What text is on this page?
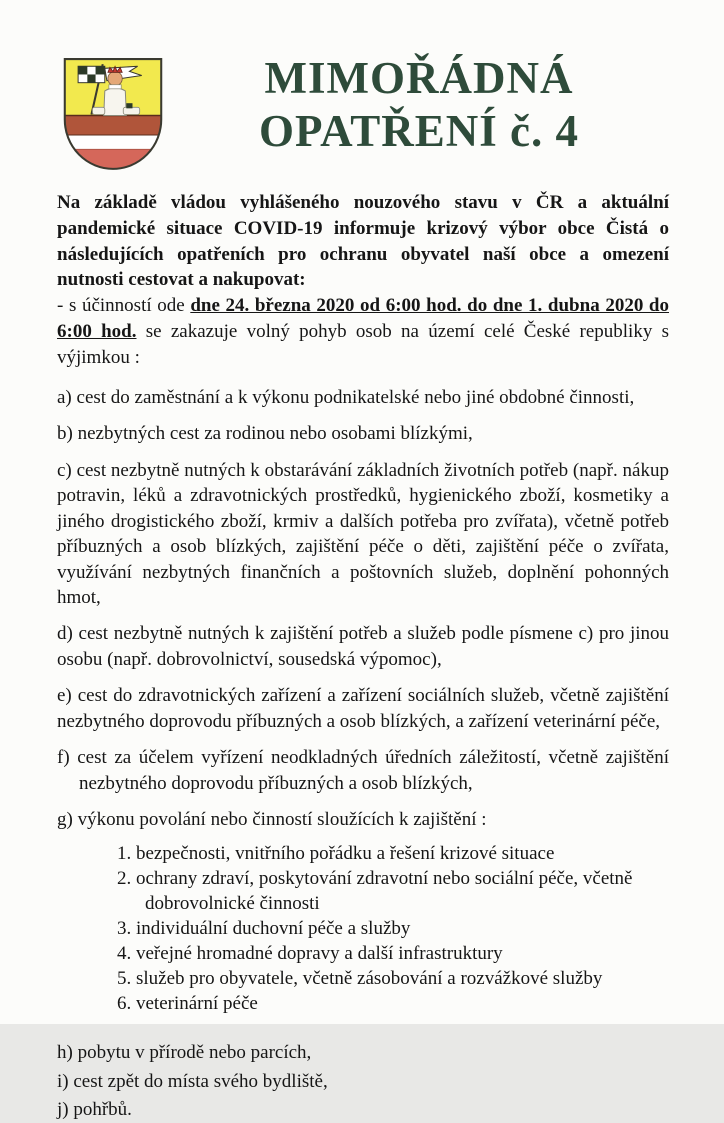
MIMOŘÁDNÁ
OPATŘENÍ č. 4

Na základě vládou vyhlášeného nouzového stavu v ČR a aktuální pandemické situace COVID-19 informuje krizový výbor obce Čistá o následujících opatřeních pro ochranu obyvatel naší obce a omezení nutnosti cestovat a nakupovat:

- s účinností ode dne 24. března 2020 od 6:00 hod. do dne 1. dubna 2020 do 6:00 hod. se zakazuje volný pohyb osob na území celé České republiky s výjimkou :

a) cest do zaměstnání a k výkonu podnikatelské nebo jiné obdobné činnosti,

b) nezbytných cest za rodinou nebo osobami blízkými,

c) cest nezbytně nutných k obstarávání základních životních potřeb (např. nákup potravin, léků a zdravotnických prostředků, hygienického zboží, kosmetiky a jiného drogistického zboží, krmiv a dalších potřeba pro zvířata), včetně potřeb příbuzných a osob blízkých, zajištění péče o děti, zajištění péče o zvířata, využívání nezbytných finančních a poštovních služeb, doplnění pohonných hmot,

d) cest nezbytně nutných k zajištění potřeb a služeb podle písmene c) pro jinou osobu (např. dobrovolnictví, sousedská výpomoc),

e) cest do zdravotnických zařízení a zařízení sociálních služeb, včetně zajištění nezbytného doprovodu příbuzných a osob blízkých, a zařízení veterinární péče,

f) cest za účelem vyřízení neodkladných úředních záležitostí, včetně zajištění nezbytného doprovodu příbuzných a osob blízkých,

g) výkonu povolání nebo činností sloužících k zajištění :

1. bezpečnosti, vnitřního pořádku a řešení krizové situace

2. ochrany zdraví, poskytování zdravotní nebo sociální péče, včetně dobrovolnické činnosti

3. individuální duchovní péče a služby

4. veřejné hromadné dopravy a další infrastruktury

5. služeb pro obyvatele, včetně zásobování a rozvážkové služby

6. veterinární péče

h) pobytu v přírodě nebo parcích,

i) cest zpět do místa svého bydliště,

j) pohřbů.
